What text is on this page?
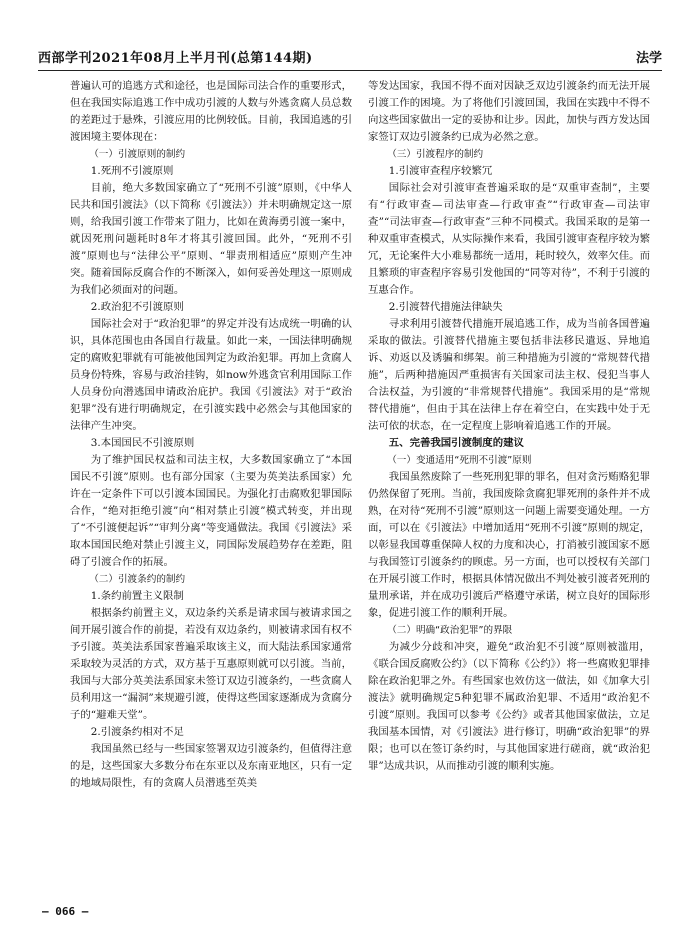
西部学刊2021年08月上半月刊(总第144期)	法学

普遍认可的追逃方式和途径，也是国际司法合作的重要形式，但在我国实际追逃工作中成功引渡的人数与外逃贪腐人员总数的差距过于悬殊，引渡应用的比例较低。目前，我国追逃的引渡困境主要体现在：

（一）引渡原则的制约

1.死刑不引渡原则

目前，绝大多数国家确立了“死刑不引渡”原则，《中华人民共和国引渡法》（以下简称《引渡法》）并未明确规定这一原则，给我国引渡工作带来了阻力，比如在黄海勇引渡一案中，就因死刑问题耗时8年才将其引渡回国。此外，“死刑不引渡”原则也与“法律公平”原则、“罪责刑相适应”原则产生冲突。随着国际反腐合作的不断深入，如何妥善处理这一原则成为我们必须面对的问题。

2.政治犯不引渡原则

国际社会对于“政治犯罪”的界定并没有达成统一明确的认识，具体范围也由各国自行裁量。如此一来，一国法律明确规定的腐败犯罪就有可能被他国判定为政治犯罪。再加上贪腐人员身份特殊，容易与政治挂钩，如now外逃贪官利用国际工作人员身份向潜逃国申请政治庇护。我国《引渡法》对于“政治犯罪”没有进行明确规定，在引渡实践中必然会与其他国家的法律产生冲突。

3.本国国民不引渡原则

为了维护国民权益和司法主权，大多数国家确立了“本国国民不引渡”原则。也有部分国家（主要为英美法系国家）允许在一定条件下可以引渡本国国民。为强化打击腐败犯罪国际合作，“绝对拒绝引渡”向“相对禁止引渡”模式转变，并出现了“不引渡便起诉”“审判分离”等变通做法。我国《引渡法》采取本国国民绝对禁止引渡主义，同国际发展趋势存在差距，阻碍了引渡合作的拓展。

（二）引渡条约的制约

1.条约前置主义限制

根据条约前置主义，双边条约关系是请求国与被请求国之间开展引渡合作的前提，若没有双边条约，则被请求国有权不予引渡。英美法系国家普遍采取该主义，而大陆法系国家通常采取较为灵活的方式，双方基于互惠原则就可以引渡。当前，我国与大部分英美法系国家未签订双边引渡条约，一些贪腐人员利用这一“漏洞”来规避引渡，使得这些国家逐渐成为贪腐分子的“避难天堂”。

2.引渡条约相对不足

我国虽然已经与一些国家签署双边引渡条约，但值得注意的是，这些国家大多数分布在东亚以及东南亚地区，只有一定的地域局限性，有的贪腐人员潜逃至英美

等发达国家，我国不得不面对因缺乏双边引渡条约而无法开展引渡工作的困境。为了将他们引渡回国，我国在实践中不得不向这些国家做出一定的妥协和让步。因此，加快与西方发达国家签订双边引渡条约已成为必然之意。

（三）引渡程序的制约

1.引渡审查程序较繁冗

国际社会对引渡审查普遍采取的是“双重审查制”，主要有“行政审查—司法审查—行政审查”“行政审查—司法审查”“司法审查—行政审查”三种不同模式。我国采取的是第一种双重审查模式，从实际操作来看，我国引渡审查程序较为繁冗，无论案件大小难易都统一适用，耗时较久，效率欠佳。而且繁琐的审查程序容易引发他国的“同等对待”，不利于引渡的互惠合作。

2.引渡替代措施法律缺失

寻求利用引渡替代措施开展追逃工作，成为当前各国普遍采取的做法。引渡替代措施主要包括非法移民遣返、异地追诉、劝返以及诱骗和绑架。前三种措施为引渡的“常规替代措施”，后两种措施因严重损害有关国家司法主权、侵犯当事人合法权益，为引渡的“非常规替代措施”。我国采用的是“常规替代措施”，但由于其在法律上存在着空白，在实践中处于无法可依的状态，在一定程度上影响着追逃工作的开展。

五、完善我国引渡制度的建议

（一）变通适用“死刑不引渡”原则

我国虽然废除了一些死刑犯罪的罪名，但对贪污贿赂犯罪仍然保留了死刑。当前，我国废除贪腐犯罪死刑的条件并不成熟，在对待“死刑不引渡”原则这一问题上需要变通处理。一方面，可以在《引渡法》中增加适用“死刑不引渡”原则的规定，以彰显我国尊重保障人权的力度和决心，打消被引渡国家不愿与我国签订引渡条约的顾虑。另一方面，也可以授权有关部门在开展引渡工作时，根据具体情况做出不判处被引渡者死刑的量刑承诺，并在成功引渡后严格遵守承诺，树立良好的国际形象，促进引渡工作的顺利开展。

（二）明确“政治犯罪”的界限

为减少分歧和冲突，避免“政治犯不引渡”原则被滥用，《联合国反腐败公约》（以下简称《公约》）将一些腐败犯罪排除在政治犯罪之外。有些国家也效仿这一做法，如《加拿大引渡法》就明确规定5种犯罪不属政治犯罪、不适用“政治犯不引渡”原则。我国可以参考《公约》或者其他国家做法，立足我国基本国情，对《引渡法》进行修订，明确“政治犯罪”的界限；也可以在签订条约时，与其他国家进行磋商，就“政治犯罪”达成共识，从而推动引渡的顺利实施。

— 066 —
